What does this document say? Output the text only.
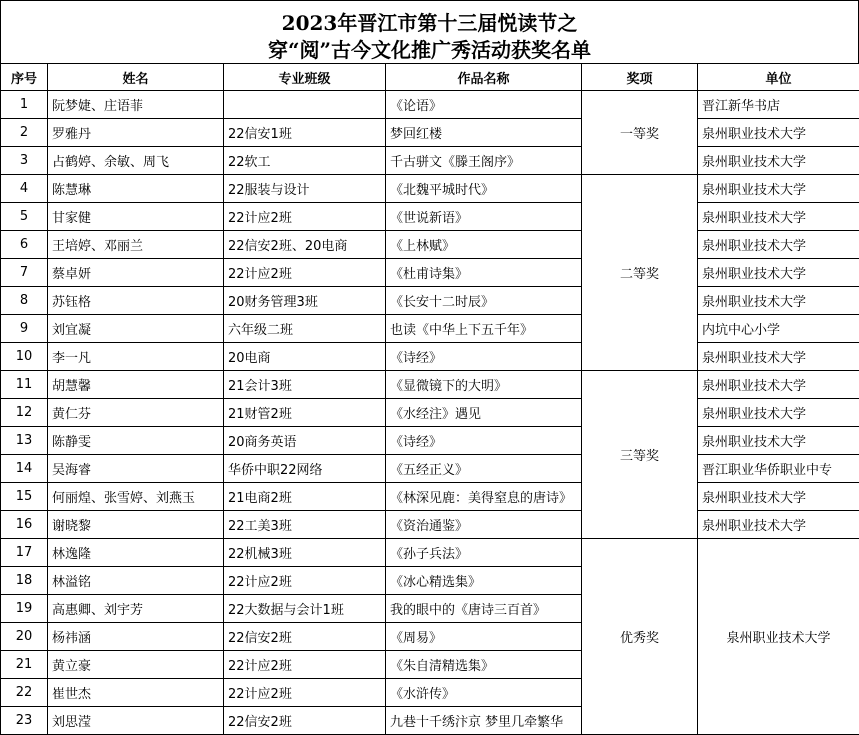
2023年晋江市第十三届悦读节之
穿“阅”古今文化推广秀活动获奖名单
序号	姓名	专业班级	作品名称	奖项	单位
1	阮梦婕、庄语菲		《论语》	一等奖	晋江新华书店
2	罗雅丹	22信安1班	梦回红楼		泉州职业技术大学
3	占鹤婷、余敏、周飞	22软工	千古骈文《滕王阁序》		泉州职业技术大学
4	陈慧琳	22服装与设计	《北魏平城时代》	二等奖	泉州职业技术大学
5	甘家健	22计应2班	《世说新语》		泉州职业技术大学
6	王培婷、邓丽兰	22信安2班、20电商	《上林赋》		泉州职业技术大学
7	蔡卓妍	22计应2班	《杜甫诗集》		泉州职业技术大学
8	苏钰格	20财务管理3班	《长安十二时辰》		泉州职业技术大学
9	刘宜凝	六年级二班	也读《中华上下五千年》		内坑中心小学
10	李一凡	20电商	《诗经》		泉州职业技术大学
11	胡慧馨	21会计3班	《显微镜下的大明》	三等奖	泉州职业技术大学
12	黄仁芬	21财管2班	《水经注》遇见		泉州职业技术大学
13	陈静雯	20商务英语	《诗经》		泉州职业技术大学
14	吴海睿	华侨中职22网络	《五经正义》		晋江职业华侨职业中专
15	何丽煌、张雪婷、刘燕玉	21电商2班	《林深见鹿：美得窒息的唐诗》		泉州职业技术大学
16	谢晓黎	22工美3班	《资治通鉴》		泉州职业技术大学
17	林逸隆	22机械3班	《孙子兵法》	优秀奖	泉州职业技术大学
18	林溢铭	22计应2班	《冰心精选集》		
19	高惠卿、刘宇芳	22大数据与会计1班	我的眼中的《唐诗三百首》		
20	杨祎涵	22信安2班	《周易》		
21	黄立豪	22计应2班	《朱自清精选集》		
22	崔世杰	22计应2班	《水浒传》		
23	刘思滢	22信安2班	九巷十千绣汴京 梦里几牵繁华		
